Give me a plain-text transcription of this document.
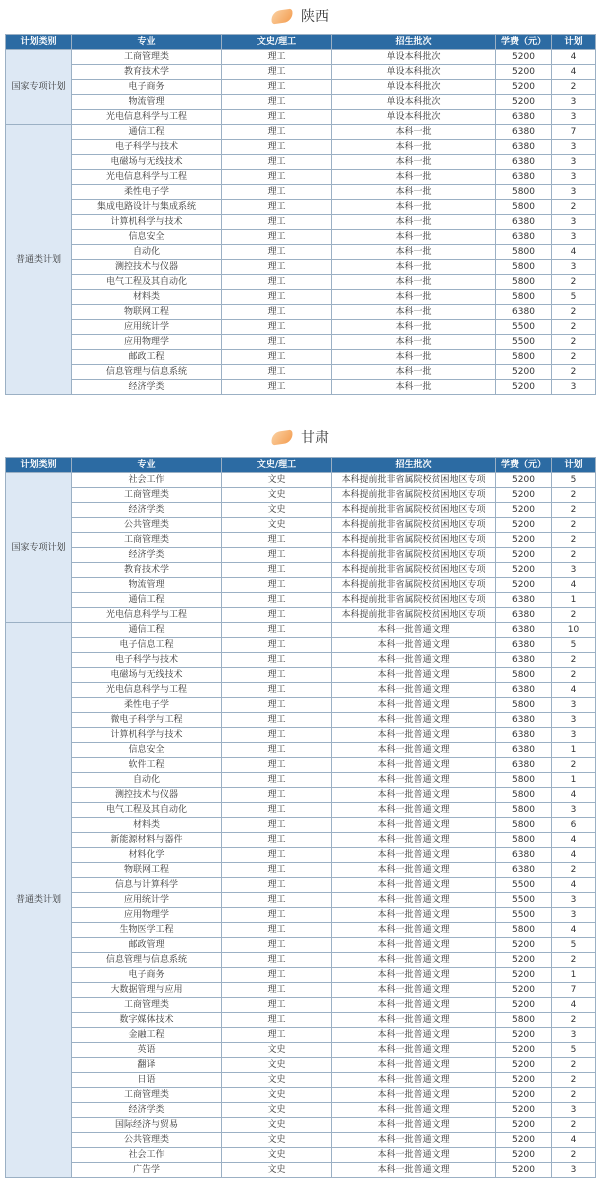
陕西
计划类别	专业	文史/理工	招生批次	学费（元）	计划
国家专项计划	工商管理类	理工	单设本科批次	5200	4
	教育技术学	理工	单设本科批次	5200	4
	电子商务	理工	单设本科批次	5200	2
	物流管理	理工	单设本科批次	5200	3
	光电信息科学与工程	理工	单设本科批次	6380	3
普通类计划	通信工程	理工	本科一批	6380	7
	电子科学与技术	理工	本科一批	6380	3
	电磁场与无线技术	理工	本科一批	6380	3
	光电信息科学与工程	理工	本科一批	6380	3
	柔性电子学	理工	本科一批	5800	3
	集成电路设计与集成系统	理工	本科一批	5800	2
	计算机科学与技术	理工	本科一批	6380	3
	信息安全	理工	本科一批	6380	3
	自动化	理工	本科一批	5800	4
	测控技术与仪器	理工	本科一批	5800	3
	电气工程及其自动化	理工	本科一批	5800	2
	材料类	理工	本科一批	5800	5
	物联网工程	理工	本科一批	6380	2
	应用统计学	理工	本科一批	5500	2
	应用物理学	理工	本科一批	5500	2
	邮政工程	理工	本科一批	5800	2
	信息管理与信息系统	理工	本科一批	5200	2
	经济学类	理工	本科一批	5200	3
甘肃
计划类别	专业	文史/理工	招生批次	学费（元）	计划
国家专项计划	社会工作	文史	本科提前批非省属院校贫困地区专项	5200	5
	工商管理类	文史	本科提前批非省属院校贫困地区专项	5200	2
	经济学类	文史	本科提前批非省属院校贫困地区专项	5200	2
	公共管理类	文史	本科提前批非省属院校贫困地区专项	5200	2
	工商管理类	理工	本科提前批非省属院校贫困地区专项	5200	2
	经济学类	理工	本科提前批非省属院校贫困地区专项	5200	2
	教育技术学	理工	本科提前批非省属院校贫困地区专项	5200	3
	物流管理	理工	本科提前批非省属院校贫困地区专项	5200	4
	通信工程	理工	本科提前批非省属院校贫困地区专项	6380	1
	光电信息科学与工程	理工	本科提前批非省属院校贫困地区专项	6380	2
普通类计划	通信工程	理工	本科一批普通文理	6380	10
	电子信息工程	理工	本科一批普通文理	6380	5
	电子科学与技术	理工	本科一批普通文理	6380	2
	电磁场与无线技术	理工	本科一批普通文理	5800	2
	光电信息科学与工程	理工	本科一批普通文理	6380	4
	柔性电子学	理工	本科一批普通文理	5800	3
	微电子科学与工程	理工	本科一批普通文理	6380	3
	计算机科学与技术	理工	本科一批普通文理	6380	3
	信息安全	理工	本科一批普通文理	6380	1
	软件工程	理工	本科一批普通文理	6380	2
	自动化	理工	本科一批普通文理	5800	1
	测控技术与仪器	理工	本科一批普通文理	5800	4
	电气工程及其自动化	理工	本科一批普通文理	5800	3
	材料类	理工	本科一批普通文理	5800	6
	新能源材料与器件	理工	本科一批普通文理	5800	4
	材料化学	理工	本科一批普通文理	6380	4
	物联网工程	理工	本科一批普通文理	6380	2
	信息与计算科学	理工	本科一批普通文理	5500	4
	应用统计学	理工	本科一批普通文理	5500	3
	应用物理学	理工	本科一批普通文理	5500	3
	生物医学工程	理工	本科一批普通文理	5800	4
	邮政管理	理工	本科一批普通文理	5200	5
	信息管理与信息系统	理工	本科一批普通文理	5200	2
	电子商务	理工	本科一批普通文理	5200	1
	大数据管理与应用	理工	本科一批普通文理	5200	7
	工商管理类	理工	本科一批普通文理	5200	4
	数字媒体技术	理工	本科一批普通文理	5800	2
	金融工程	理工	本科一批普通文理	5200	3
	英语	文史	本科一批普通文理	5200	5
	翻译	文史	本科一批普通文理	5200	2
	日语	文史	本科一批普通文理	5200	2
	工商管理类	文史	本科一批普通文理	5200	2
	经济学类	文史	本科一批普通文理	5200	3
	国际经济与贸易	文史	本科一批普通文理	5200	2
	公共管理类	文史	本科一批普通文理	5200	4
	社会工作	文史	本科一批普通文理	5200	2
	广告学	文史	本科一批普通文理	5200	3
